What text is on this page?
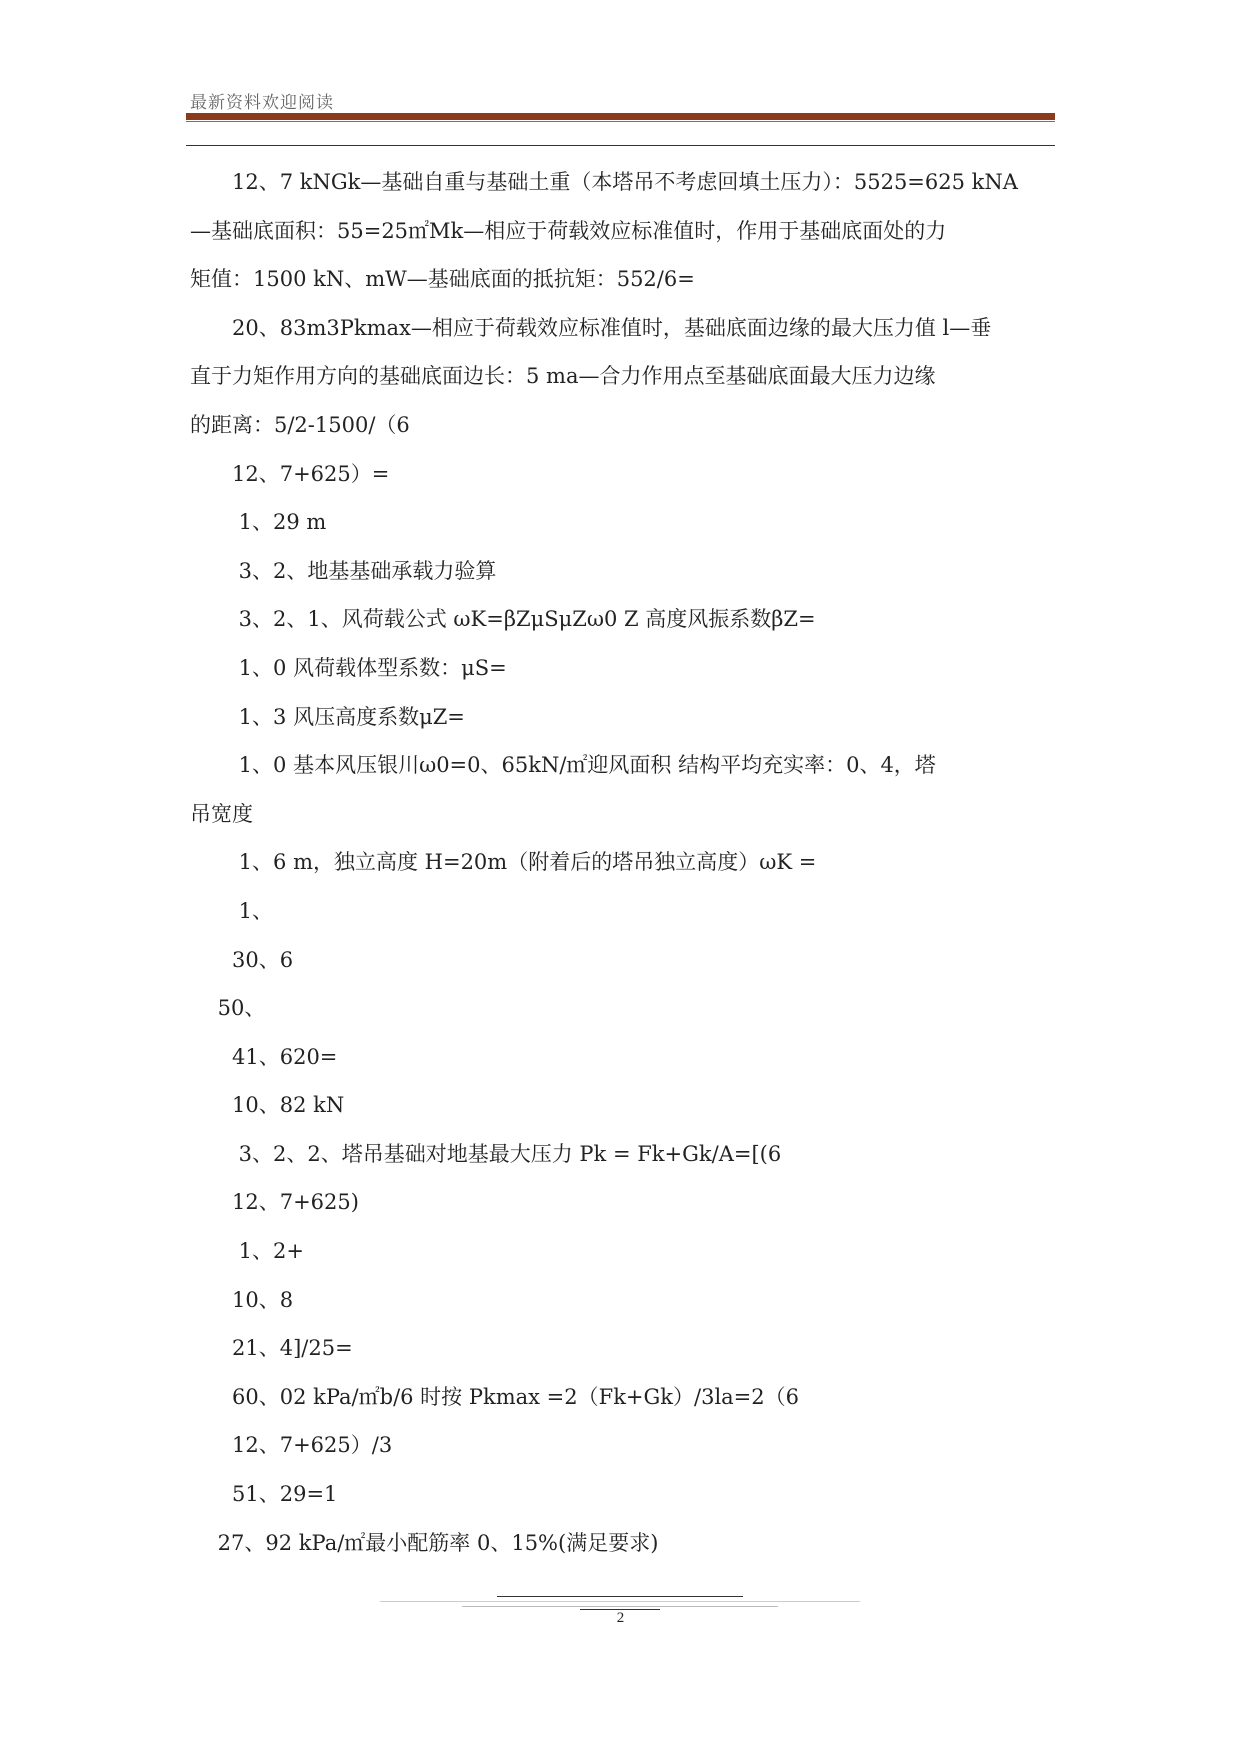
最新资料欢迎阅读
　　12、7 kNGk—基础自重与基础土重（本塔吊不考虑回填土压力）：5525=625 kNA
—基础底面积：55=25㎡Mk—相应于荷载效应标准值时，作用于基础底面处的力
矩值：1500 kN、mW—基础底面的抵抗矩：552/6=
　　20、83m3Pkmax—相应于荷载效应标准值时，基础底面边缘的最大压力值 l—垂
直于力矩作用方向的基础底面边长：5 ma—合力作用点至基础底面最大压力边缘
的距离：5/2-1500/（6
　　12、7+625）=
　　 1、29 m
　　 3、2、地基基础承载力验算
　　 3、2、1、风荷载公式 ωK=βZμSμZω0 Z 高度风振系数βZ=
　　 1、0 风荷载体型系数：μS=
　　 1、3 风压高度系数μZ=
　　 1、0 基本风压银川ω0=0、65kN/㎡迎风面积 结构平均充实率：0、4，塔
吊宽度
　　 1、6 m，独立高度 H=20m（附着后的塔吊独立高度）ωK =
　　 1、
　　30、6
　 50、
　　41、620=
　　10、82 kN
　　 3、2、2、塔吊基础对地基最大压力 Pk = Fk+Gk/A=[(6
　　12、7+625)
　　 1、2+
　　10、8
　　21、4]/25=
　　60、02 kPa/㎡b/6 时按 Pkmax =2（Fk+Gk）/3la=2（6
　　12、7+625）/3
　　51、29=1
　 27、92 kPa/㎡最小配筋率 0、15%(满足要求)
2
